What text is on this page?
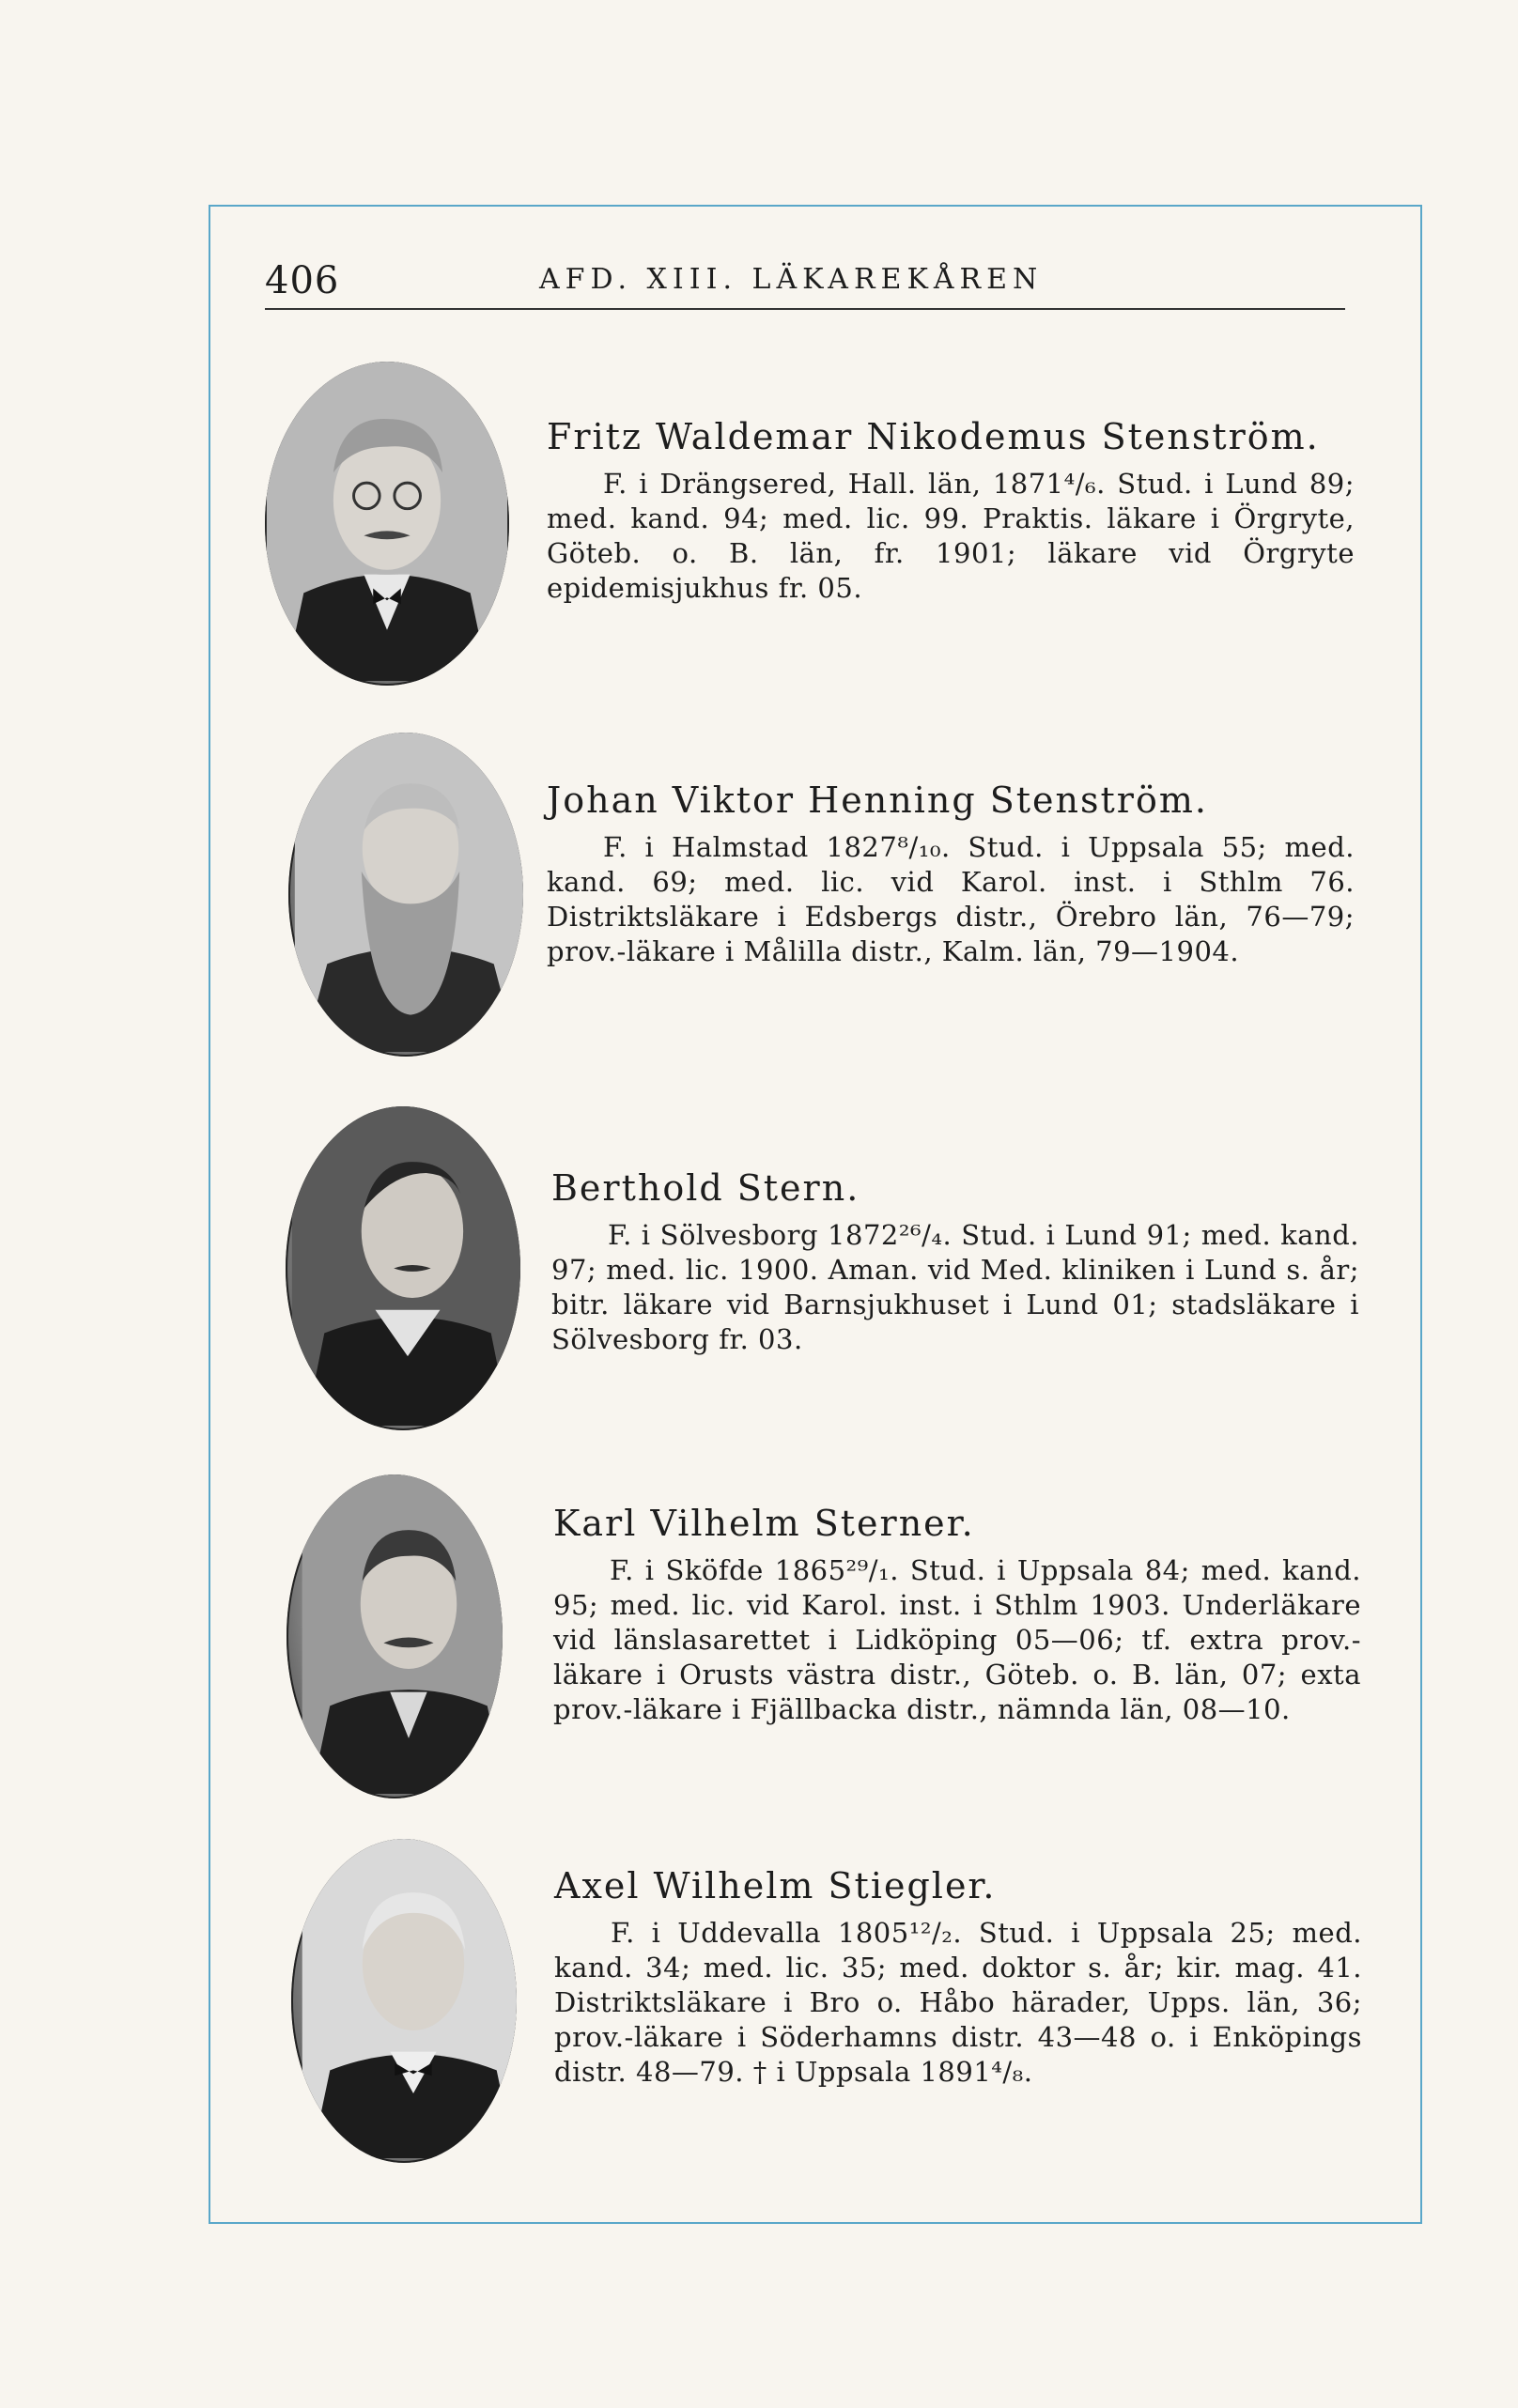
406	AFD. XIII. LÄKAREKÅREN
Fritz Waldemar Nikodemus Stenström.

F. i Drängsered, Hall. län, 1871⁴/₆. Stud. i Lund 89; med. kand. 94; med. lic. 99. Praktis. läkare i Örgryte, Göteb. o. B. län, fr. 1901; läkare vid Örgryte epidemisjukhus fr. 05.

Johan Viktor Henning Stenström.

F. i Halmstad 1827⁸/₁₀. Stud. i Uppsala 55; med. kand. 69; med. lic. vid Karol. inst. i Sthlm 76. Distriktsläkare i Edsbergs distr., Örebro län, 76—79; prov.-läkare i Målilla distr., Kalm. län, 79—1904.

Berthold Stern.

F. i Sölvesborg 1872²⁶/₄. Stud. i Lund 91; med. kand. 97; med. lic. 1900. Aman. vid Med. kliniken i Lund s. år; bitr. läkare vid Barnsjukhuset i Lund 01; stadsläkare i Sölvesborg fr. 03.

Karl Vilhelm Sterner.

F. i Sköfde 1865²⁹/₁. Stud. i Uppsala 84; med. kand. 95; med. lic. vid Karol. inst. i Sthlm 1903. Underläkare vid länslasarettet i Lidköping 05—06; tf. extra prov.-läkare i Orusts västra distr., Göteb. o. B. län, 07; exta prov.-läkare i Fjällbacka distr., nämnda län, 08—10.

Axel Wilhelm Stiegler.

F. i Uddevalla 1805¹²/₂. Stud. i Uppsala 25; med. kand. 34; med. lic. 35; med. doktor s. år; kir. mag. 41. Distriktsläkare i Bro o. Håbo härader, Upps. län, 36; prov.-läkare i Söderhamns distr. 43—48 o. i Enköpings distr. 48—79. † i Uppsala 1891⁴/₈.
